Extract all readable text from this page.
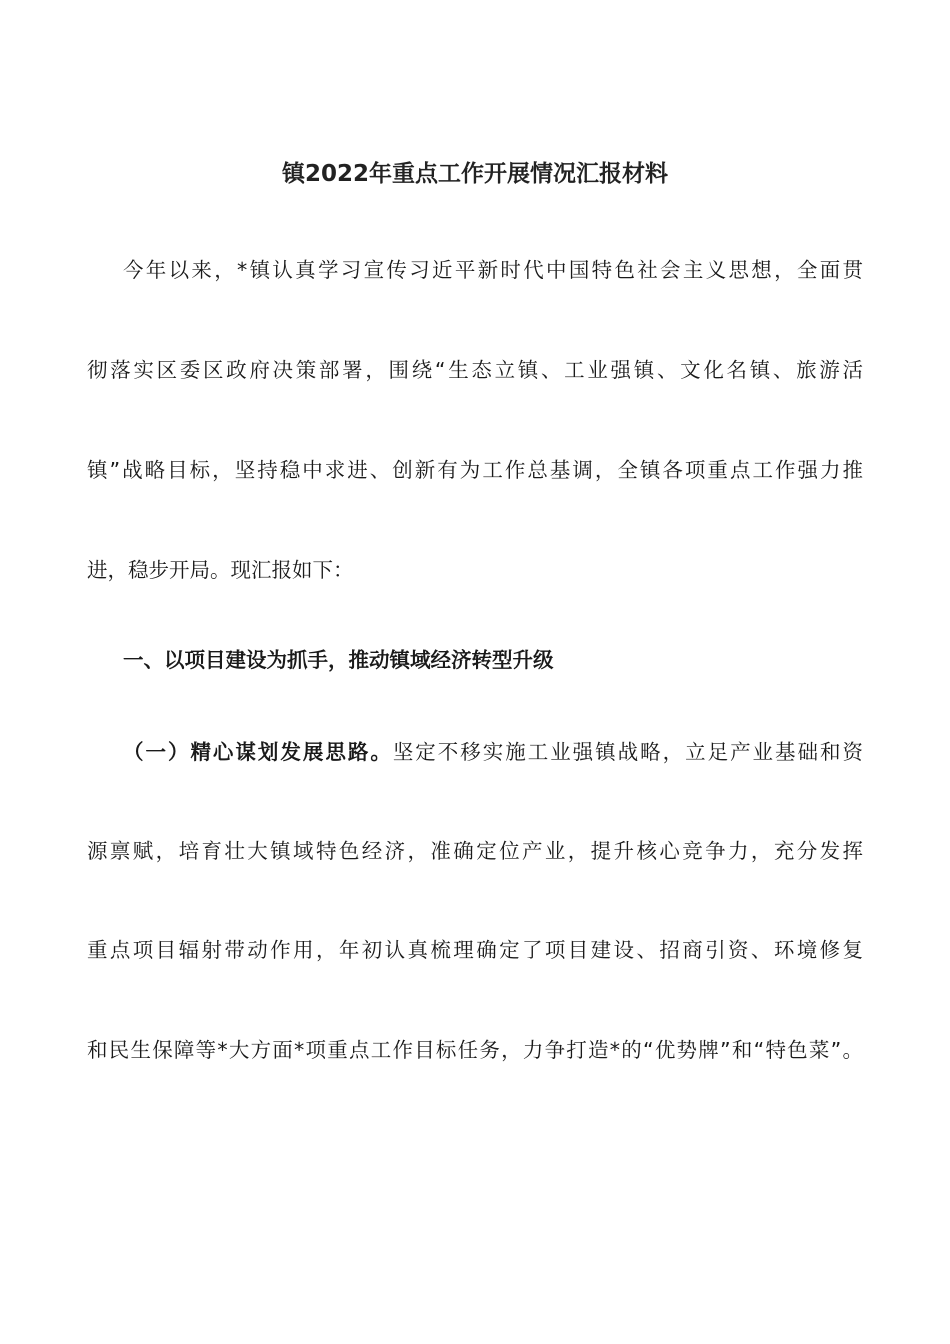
镇2022年重点工作开展情况汇报材料
今年以来，*镇认真学习宣传习近平新时代中国特色社会主义思想，全面贯
彻落实区委区政府决策部署，围绕“生态立镇、工业强镇、文化名镇、旅游活
镇”战略目标，坚持稳中求进、创新有为工作总基调，全镇各项重点工作强力推
进，稳步开局。现汇报如下：
一、以项目建设为抓手，推动镇域经济转型升级
（一）精心谋划发展思路。坚定不移实施工业强镇战略，立足产业基础和资
源禀赋，培育壮大镇域特色经济，准确定位产业，提升核心竞争力，充分发挥
重点项目辐射带动作用，年初认真梳理确定了项目建设、招商引资、环境修复
和民生保障等*大方面*项重点工作目标任务，力争打造*的“优势牌”和“特色菜”。
